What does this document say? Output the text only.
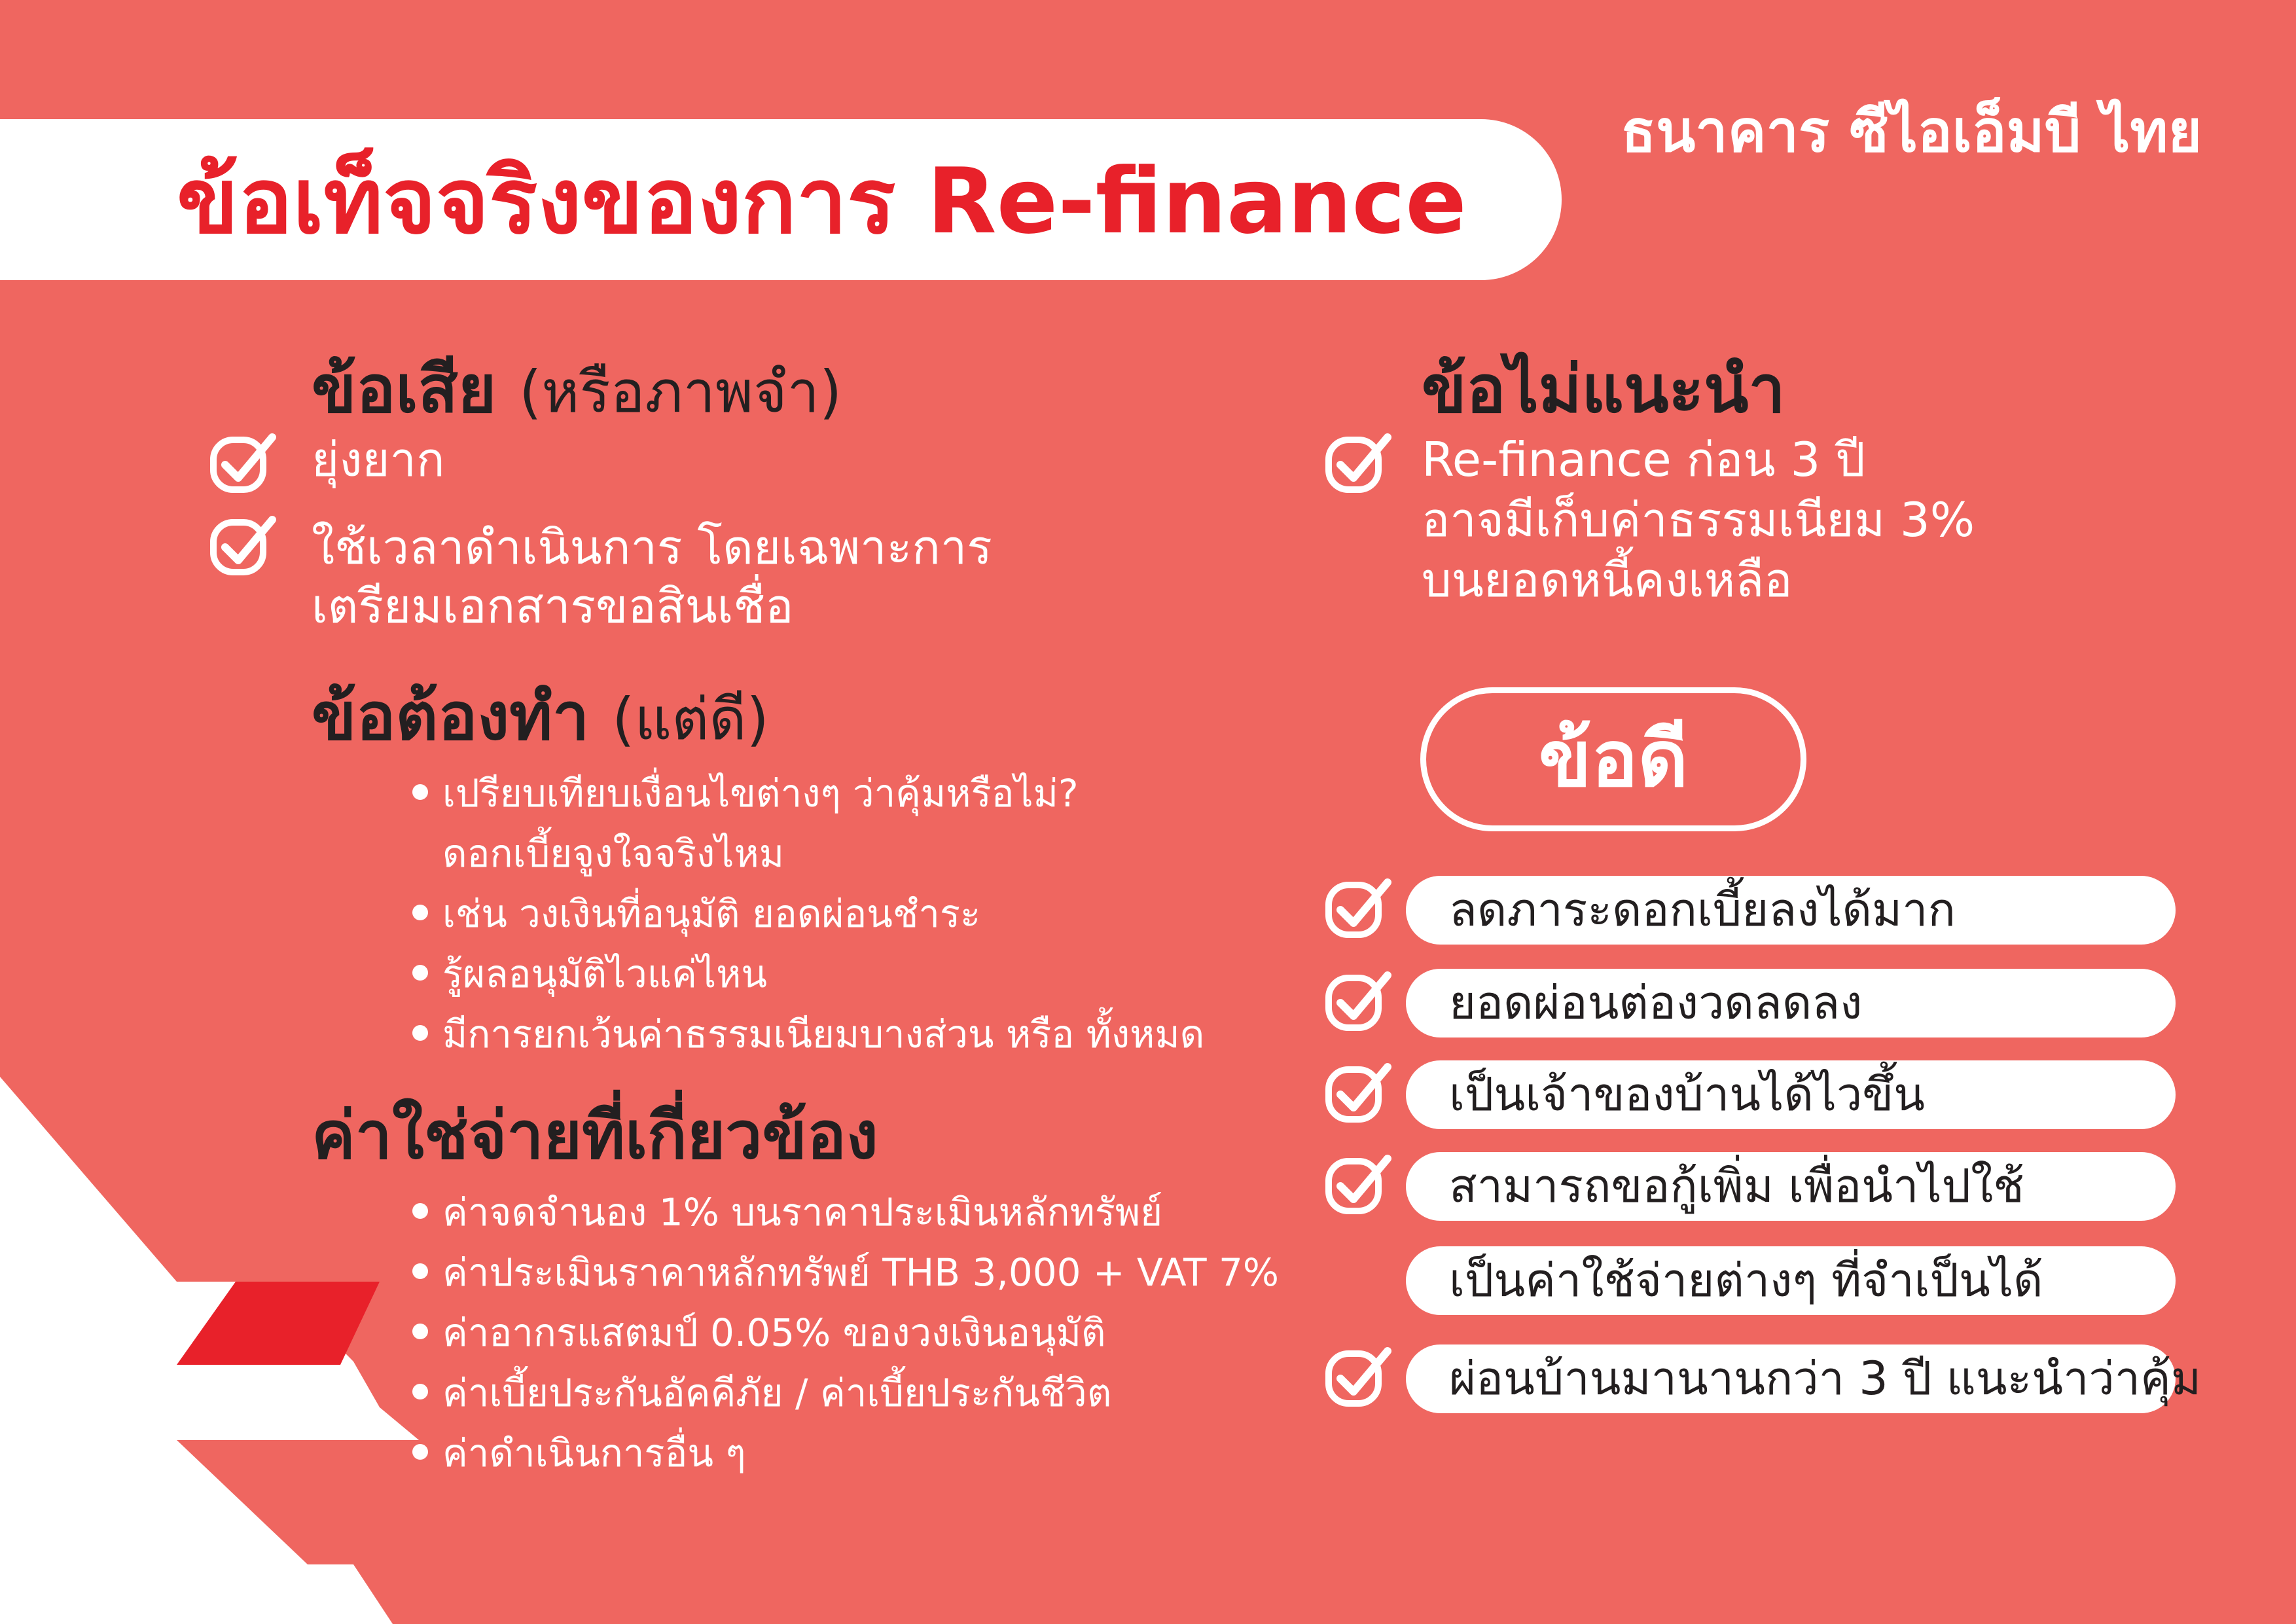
ธนาคาร ซีไอเอ็มบี ไทย
ข้อเท็จจริงของการ Re-finance
ข้อเสีย (หรือภาพจำ)
ยุ่งยาก
ใช้เวลาดำเนินการ โดยเฉพาะการ
เตรียมเอกสารขอสินเชื่อ
ข้อต้องทำ (แต่ดี)
เปรียบเทียบเงื่อนไขต่างๆ ว่าคุ้มหรือไม่?
ดอกเบี้ยจูงใจจริงไหม
เช่น วงเงินที่อนุมัติ ยอดผ่อนชำระ
รู้ผลอนุมัติไวแค่ไหน
มีการยกเว้นค่าธรรมเนียมบางส่วน หรือ ทั้งหมด
ค่าใช่จ่ายที่เกี่ยวข้อง
ค่าจดจำนอง 1% บนราคาประเมินหลักทรัพย์
ค่าประเมินราคาหลักทรัพย์ THB 3,000 + VAT 7%
ค่าอากรแสตมป์ 0.05% ของวงเงินอนุมัติ
ค่าเบี้ยประกันอัคคีภัย / ค่าเบี้ยประกันชีวิต
ค่าดำเนินการอื่น ๆ
ข้อไม่แนะนำ
Re-finance ก่อน 3 ปี
อาจมีเก็บค่าธรรมเนียม 3%
บนยอดหนี้คงเหลือ
ข้อดี
ลดภาระดอกเบี้ยลงได้มาก
ยอดผ่อนต่องวดลดลง
เป็นเจ้าของบ้านได้ไวขึ้น
สามารถขอกู้เพิ่ม เพื่อนำไปใช้
เป็นค่าใช้จ่ายต่างๆ ที่จำเป็นได้
ผ่อนบ้านมานานกว่า 3 ปี แนะนำว่าคุ้ม
